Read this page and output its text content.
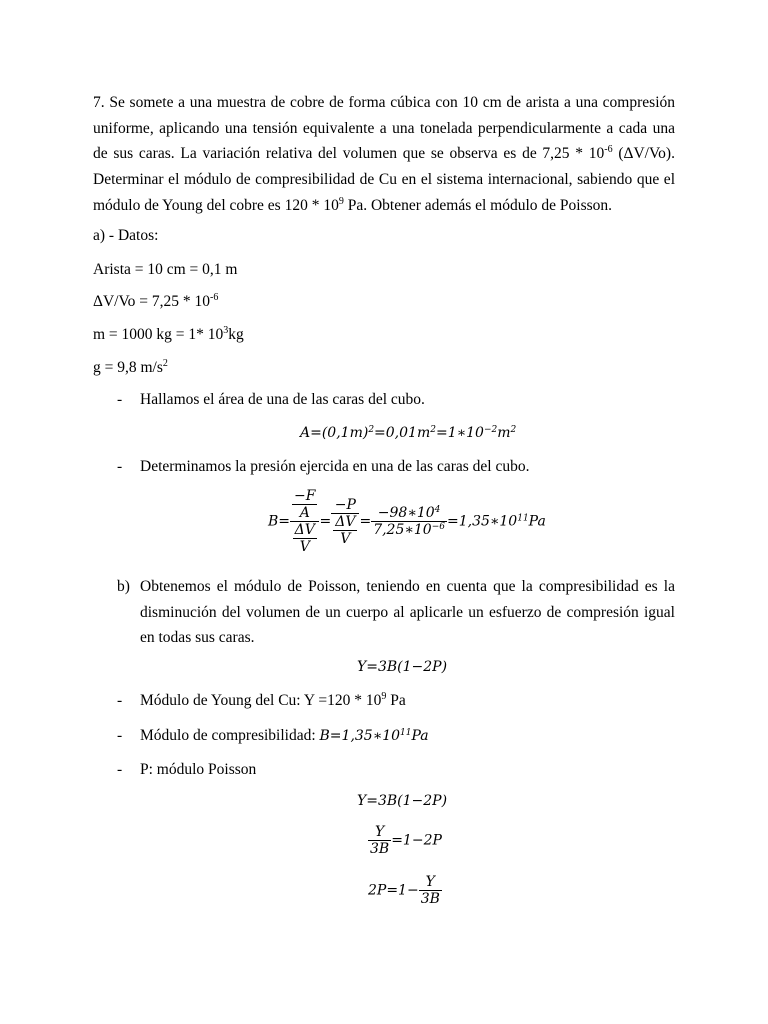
7. Se somete a una muestra de cobre de forma cúbica con 10 cm de arista a una compresión uniforme, aplicando una tensión equivalente a una tonelada perpendicularmente a cada una de sus caras. La variación relativa del volumen que se observa es de $7,25 * 10^{-6}$ (ΔV/Vo). Determinar el módulo de compresibilidad de Cu en el sistema internacional, sabiendo que el módulo de Young del cobre es $120 * 10^9$ Pa. Obtener además el módulo de Poisson.
a) - Datos:
Arista = 10 cm = 0,1 m
$\Delta V/Vo = 7,25 * 10^{-6}$
m = 1000 kg = 1* $10^3kg$
g = 9,8 $m/s^2$
- Hallamos el área de una de las caras del cubo.
$A=(0,1m)^2=0,01m^2=1∗10^{-2}m^2$
- Determinamos la presión ejercida en una de las caras del cubo.
$B= \frac{\frac{-F}{A}}{\frac{\Delta V}{V}} = \frac{-P}{\frac{\Delta V}{V}} = \frac{-98∗10^4}{7,25∗10^{-6}}$ $=1,35∗10^{11}Pa$
b) Obtenemos el módulo de Poisson, teniendo en cuenta que la compresibilidad es la disminución del volumen de un cuerpo al aplicarle un esfuerzo de compresión igual en todas sus caras.
Y=3B(1−2P)
- Módulo de Young del Cu: $Y =120 * 10^9$ Pa
- Módulo de compresibilidad: $B=1,35∗10^{11}Pa$
- P: módulo Poisson
Y=3B(1−2P)
$\frac{Y}{3B} =1-2P$
$2P=1- \frac{Y}{3B}$
